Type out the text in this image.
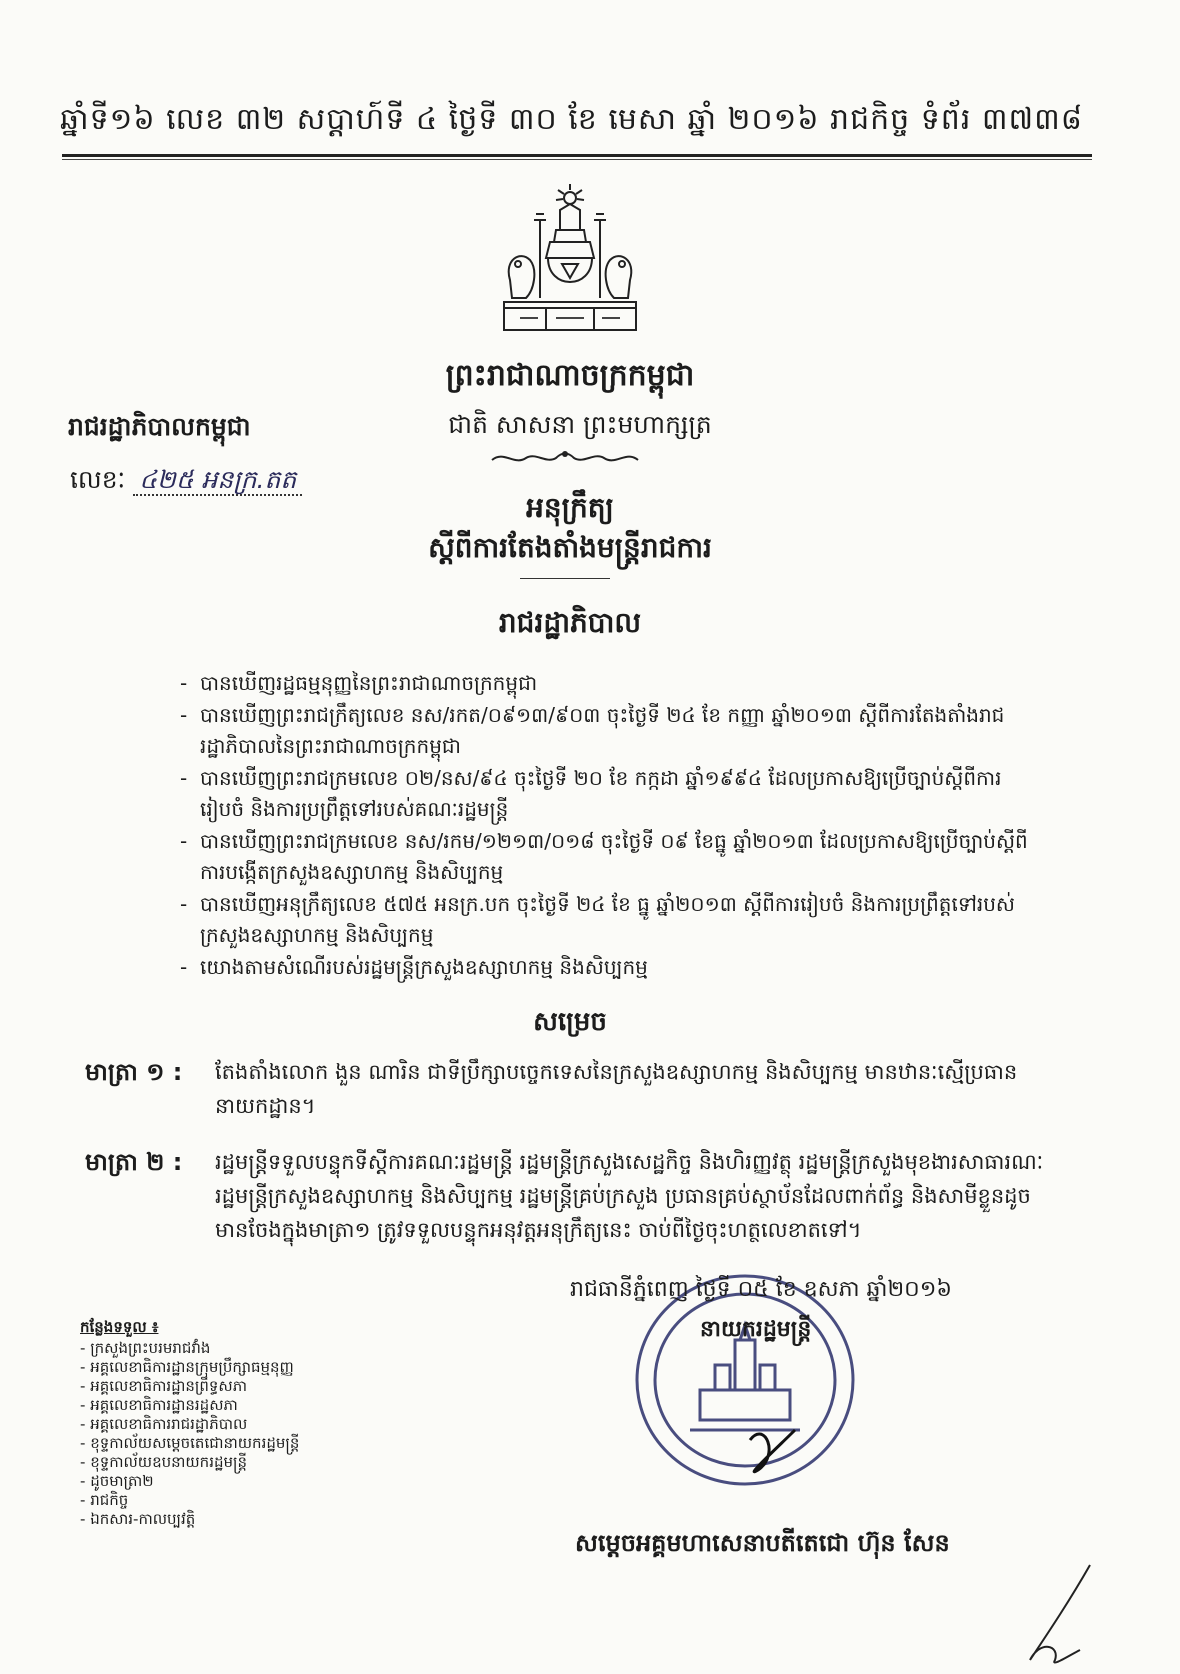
ឆ្នាំទី១៦ លេខ ៣២ សប្តាហ៍ទី ៤ ថ្ងៃទី ៣០ ខែ មេសា ឆ្នាំ ២០១៦ រាជកិច្ច ទំព័រ ៣៧៣៨
ព្រះរាជាណាចក្រកម្ពុជា
ជាតិ សាសនា ព្រះមហាក្សត្រ
រាជរដ្ឋាភិបាលកម្ពុជា
លេខៈ ៤២៥ អនក្រ.តត
អនុក្រឹត្យ
ស្តីពីការតែងតាំងមន្ត្រីរាជការ
រាជរដ្ឋាភិបាល
- បានឃើញរដ្ឋធម្មនុញ្ញនៃព្រះរាជាណាចក្រកម្ពុជា
- បានឃើញព្រះរាជក្រឹត្យលេខ នស/រកត/០៩១៣/៩០៣ ចុះថ្ងៃទី ២៤ ខែ កញ្ញា ឆ្នាំ២០១៣ ស្តីពីការតែងតាំងរាជរដ្ឋាភិបាលនៃព្រះរាជាណាចក្រកម្ពុជា
- បានឃើញព្រះរាជក្រមលេខ ០២/នស/៩៤ ចុះថ្ងៃទី ២០ ខែ កក្កដា ឆ្នាំ១៩៩៤ ដែលប្រកាសឱ្យប្រើច្បាប់ស្តីពីការរៀបចំ និងការប្រព្រឹត្តទៅរបស់គណៈរដ្ឋមន្ត្រី
- បានឃើញព្រះរាជក្រមលេខ នស/រកម/១២១៣/០១៨ ចុះថ្ងៃទី ០៩ ខែធ្នូ ឆ្នាំ២០១៣ ដែលប្រកាសឱ្យប្រើច្បាប់ស្តីពីការបង្កើតក្រសួងឧស្សាហកម្ម និងសិប្បកម្ម
- បានឃើញអនុក្រឹត្យលេខ ៥៧៥ អនក្រ.បក ចុះថ្ងៃទី ២៤ ខែ ធ្នូ ឆ្នាំ២០១៣ ស្តីពីការរៀបចំ និងការប្រព្រឹត្តទៅរបស់ក្រសួងឧស្សាហកម្ម និងសិប្បកម្ម
- យោងតាមសំណើរបស់រដ្ឋមន្ត្រីក្រសួងឧស្សាហកម្ម និងសិប្បកម្ម
សម្រេច
មាត្រា ១ :	តែងតាំងលោក ងួន ណារិន ជាទីប្រឹក្សាបច្ចេកទេសនៃក្រសួងឧស្សាហកម្ម និងសិប្បកម្ម មានឋានៈស្មើប្រធាននាយកដ្ឋាន។
មាត្រា ២ :	រដ្ឋមន្ត្រីទទួលបន្ទុកទីស្តីការគណៈរដ្ឋមន្ត្រី រដ្ឋមន្ត្រីក្រសួងសេដ្ឋកិច្ច និងហិរញ្ញវត្ថុ រដ្ឋមន្ត្រីក្រសួងមុខងារសាធារណៈ រដ្ឋមន្ត្រីក្រសួងឧស្សាហកម្ម និងសិប្បកម្ម រដ្ឋមន្ត្រីគ្រប់ក្រសួង ប្រធានគ្រប់ស្ថាប័នដែលពាក់ព័ន្ធ និងសាមីខ្លួនដូចមានចែងក្នុងមាត្រា១ ត្រូវទទួលបន្ទុកអនុវត្តអនុក្រឹត្យនេះ ចាប់ពីថ្ងៃចុះហត្ថលេខាតទៅ។
រាជធានីភ្នំពេញ ថ្ងៃទី ០៥ ខែ ឧសភា ឆ្នាំ២០១៦
នាយករដ្ឋមន្ត្រី
សម្តេចអគ្គមហាសេនាបតីតេជោ ហ៊ុន សែន
កន្លែងទទួល ៖
- ក្រសួងព្រះបរមរាជវាំង
- អគ្គលេខាធិការដ្ឋានក្រុមប្រឹក្សាធម្មនុញ្ញ
- អគ្គលេខាធិការដ្ឋានព្រឹទ្ធសភា
- អគ្គលេខាធិការដ្ឋានរដ្ឋសភា
- អគ្គលេខាធិការរាជរដ្ឋាភិបាល
- ខុទ្ទកាល័យសម្តេចតេជោនាយករដ្ឋមន្ត្រី
- ខុទ្ទកាល័យឧបនាយករដ្ឋមន្ត្រី
- ដូចមាត្រា២
- រាជកិច្ច
- ឯកសារ-កាលប្បវត្តិ
